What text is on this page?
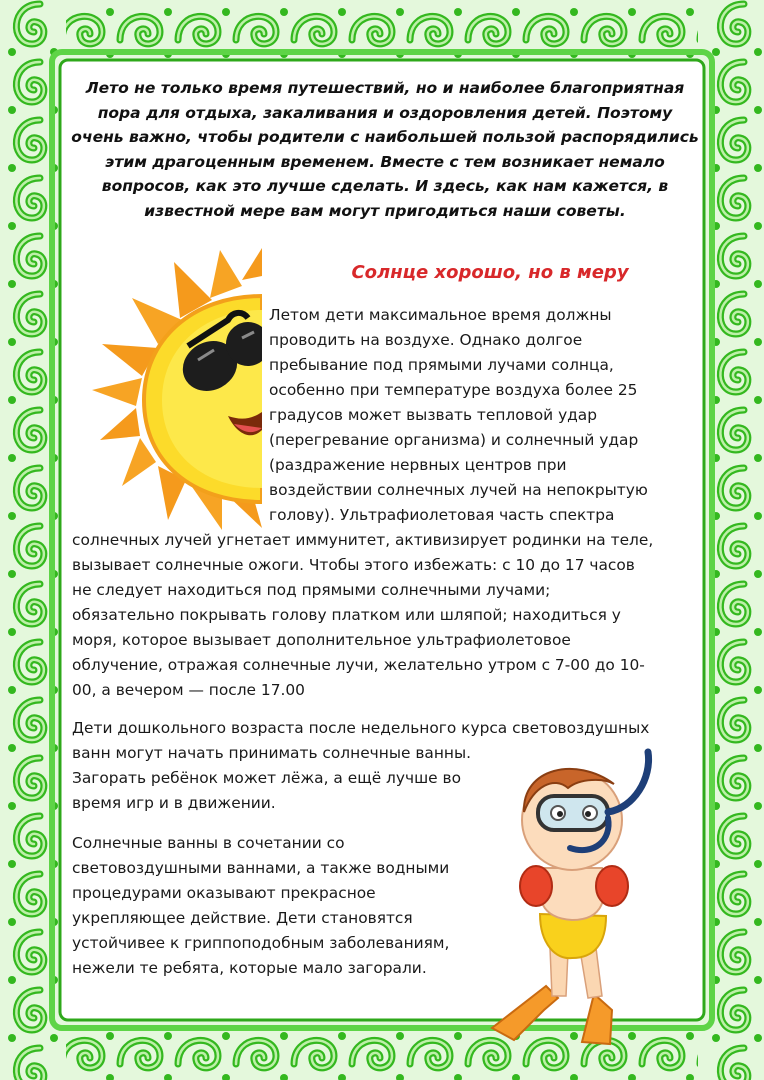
Лето не только время путешествий, но и наиболее благоприятная пора для отдыха, закаливания и оздоровления детей. Поэтому очень важно, чтобы родители с наибольшей пользой распорядились этим драгоценным временем. Вместе с тем возникает немало вопросов, как это лучше сделать. И здесь, как нам кажется, в известной мере вам могут пригодиться наши советы.
Солнце хорошо, но в меру
Летом дети максимальное время должны
проводить на воздухе. Однако долгое
пребывание под прямыми лучами солнца,
особенно при температуре воздуха более 25
градусов может вызвать тепловой удар
(перегревание организма) и солнечный удар
(раздражение нервных центров при
воздействии солнечных лучей на непокрытую
голову). Ультрафиолетовая часть спектра
солнечных лучей угнетает иммунитет, активизирует родинки на теле,
вызывает солнечные ожоги. Чтобы этого избежать: с 10 до 17 часов
не следует находиться под прямыми солнечными лучами;
обязательно покрывать голову платком или шляпой; находиться у
моря, которое вызывает дополнительное ультрафиолетовое
облучение, отражая солнечные лучи, желательно утром с 7-00 до 10-
00, а вечером — после 17.00
Дети дошкольного возраста после недельного курса световоздушных
ванн могут начать принимать солнечные ванны.
Загорать ребёнок может лёжа, а ещё лучше во
время игр и в движении.
Солнечные ванны в сочетании со
световоздушными ваннами, а также водными
процедурами оказывают прекрасное
укрепляющее действие. Дети становятся
устойчивее к гриппоподобным заболеваниям,
нежели те ребята, которые мало загорали.
